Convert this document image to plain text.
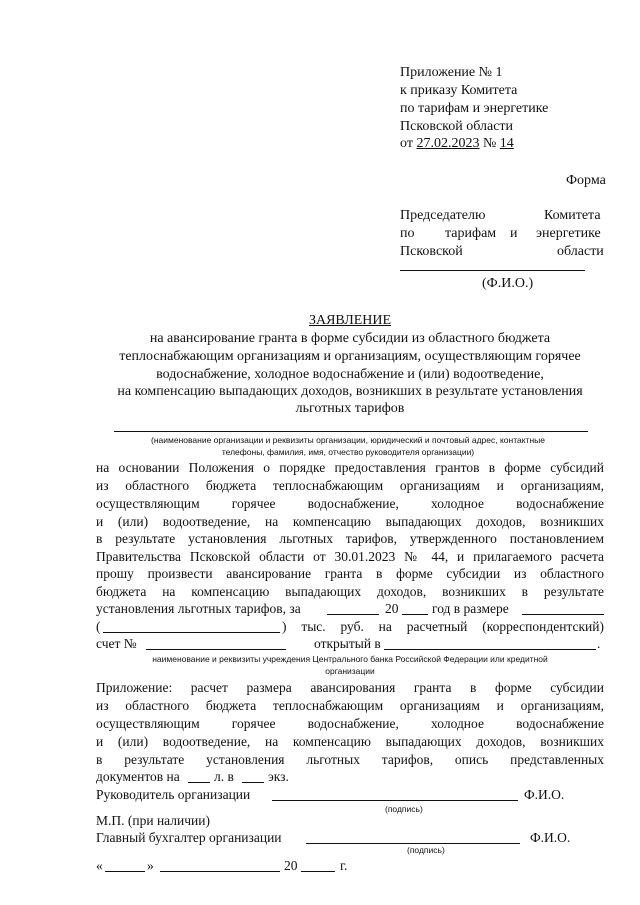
Приложение № 1
к приказу Комитета
по тарифам и энергетике
Псковской области
от 27.02.2023 № 14
Форма
Председателю	Комитета
по тарифам и энергетике
Псковской	области
(Ф.И.О.)
ЗАЯВЛЕНИЕ
на авансирование гранта в форме субсидии из областного бюджета
теплоснабжающим организациям и организациям, осуществляющим горячее
водоснабжение, холодное водоснабжение и (или) водоотведение,
на компенсацию выпадающих доходов, возникших в результате установления
льготных тарифов
(наименование организации и реквизиты организации, юридический и почтовый адрес, контактные
телефоны, фамилия, имя, отчество руководителя организации)
на основании Положения о порядке предоставления грантов в форме субсидий
из областного бюджета теплоснабжающим организациям и организациям,
осуществляющим горячее водоснабжение, холодное водоснабжение
и (или) водоотведение, на компенсацию выпадающих доходов, возникших
в результате установления льготных тарифов, утвержденного постановлением
Правительства Псковской области от 30.01.2023 № 44, и прилагаемого расчета
прошу произвести авансирование гранта в форме субсидии из областного
бюджета на компенсацию выпадающих доходов, возникших в результате
установления льготных тарифов, за	20 год в размере
(	) тыс. руб. на расчетный (корреспондентский)
счет №	открытый в	.
наименование и реквизиты учреждения Центрального банка Российской Федерации или кредитной
организации
Приложение: расчет размера авансирования гранта в форме субсидии
из областного бюджета теплоснабжающим организациям и организациям,
осуществляющим горячее водоснабжение, холодное водоснабжение
и (или) водоотведение, на компенсацию выпадающих доходов, возникших
в результате установления льготных тарифов, опись представленных
документов на	л. в	экз.
Руководитель организации	Ф.И.О.
(подпись)
М.П. (при наличии)
Главный бухгалтер организации	Ф.И.О.
(подпись)
«	»	20	г.
